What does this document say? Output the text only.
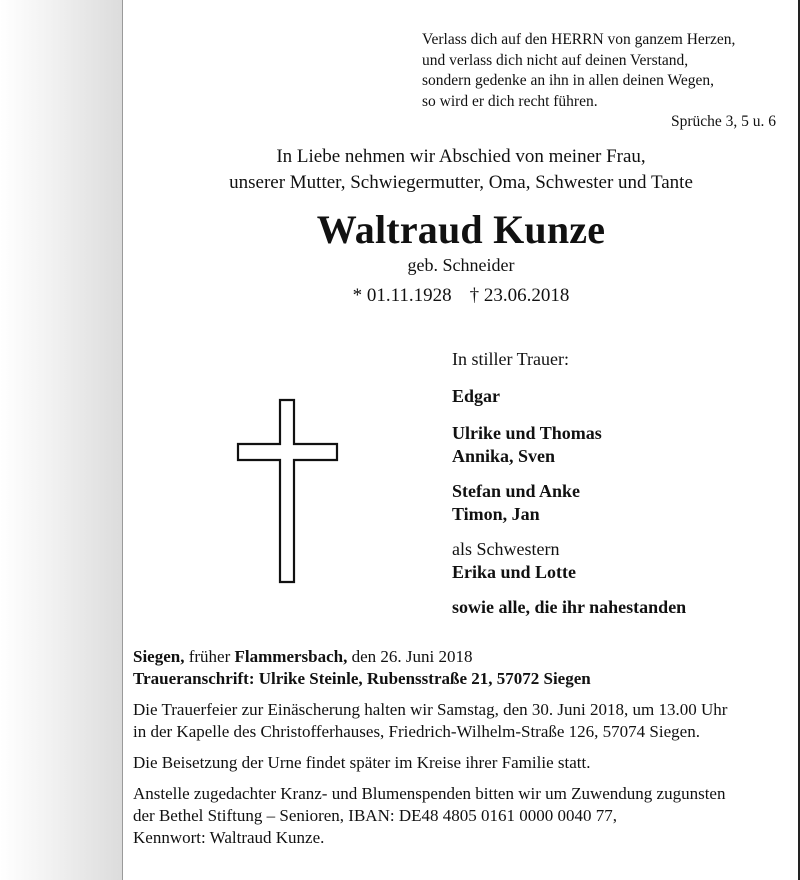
Verlass dich auf den HERRN von ganzem Herzen,
und verlass dich nicht auf deinen Verstand,
sondern gedenke an ihn in allen deinen Wegen,
so wird er dich recht führen.
Sprüche 3, 5 u. 6
In Liebe nehmen wir Abschied von meiner Frau,
unserer Mutter, Schwiegermutter, Oma, Schwester und Tante
Waltraud Kunze
geb. Schneider
* 01.11.1928 † 23.06.2018
In stiller Trauer:
Edgar
Ulrike und Thomas
Annika, Sven
Stefan und Anke
Timon, Jan
als Schwestern
Erika und Lotte
sowie alle, die ihr nahestanden

Siegen, früher Flammersbach, den 26. Juni 2018

Traueranschrift: Ulrike Steinle, Rubensstraße 21, 57072 Siegen

Die Trauerfeier zur Einäscherung halten wir Samstag, den 30. Juni 2018, um 13.00 Uhr

in der Kapelle des Christofferhauses, Friedrich-Wilhelm-Straße 126, 57074 Siegen.

Die Beisetzung der Urne findet später im Kreise ihrer Familie statt.

Anstelle zugedachter Kranz- und Blumenspenden bitten wir um Zuwendung zugunsten

der Bethel Stiftung – Senioren, IBAN: DE48 4805 0161 0000 0040 77,

Kennwort: Waltraud Kunze.
